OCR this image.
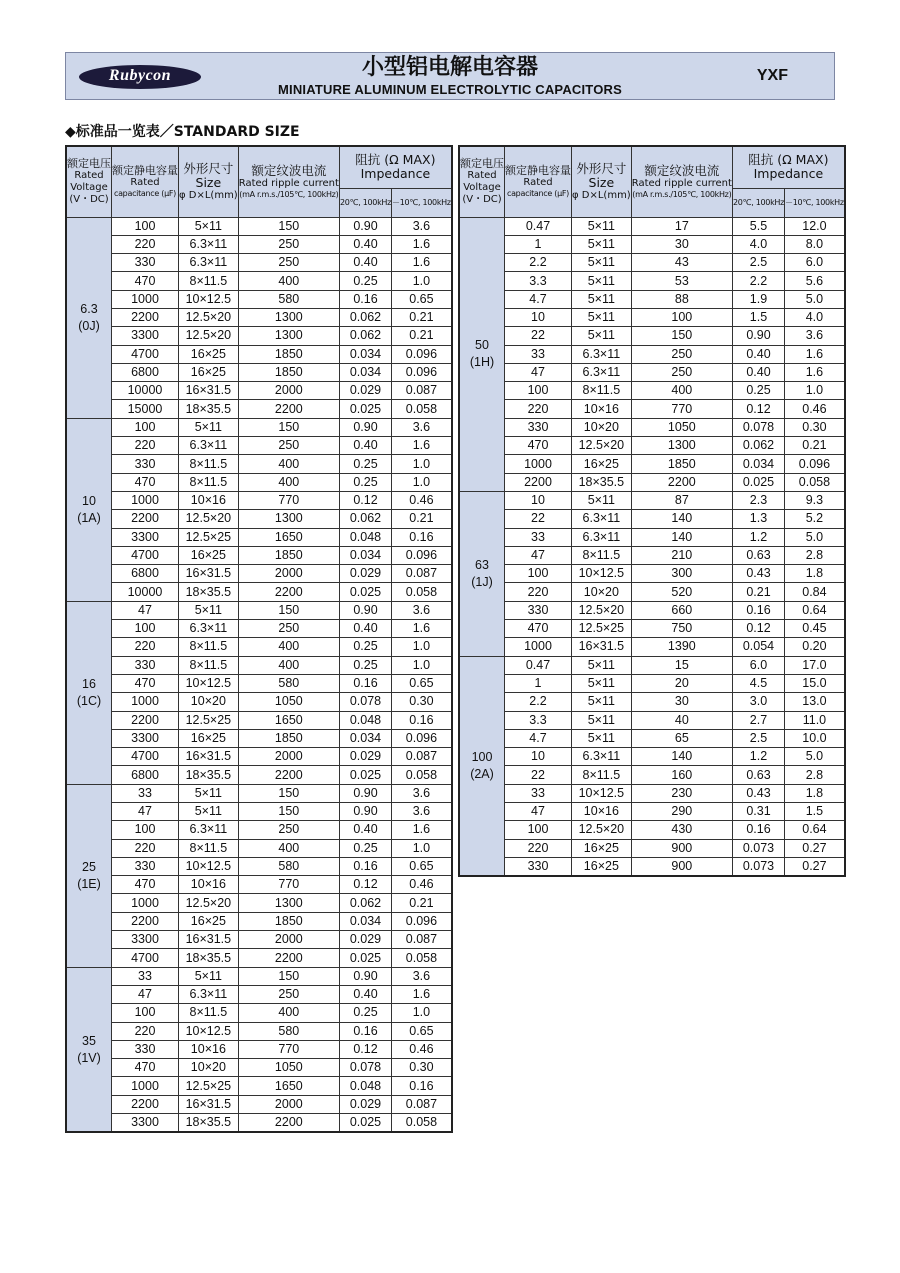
Rubycon	小型铝电解电容器
MINIATURE ALUMINUM ELECTROLYTIC CAPACITORS
YXF
◆标准品一览表／STANDARD SIZE
额定电压
Rated
Voltage
(V・DC)	额定静电容量
Rated
capacitance (μF)	外形尺寸
Size
φ D×L(mm)	额定纹波电流
Rated ripple current
(mA r.m.s./105℃, 100kHz)	阻抗 (Ω MAX)
Impedance	

				20℃, 100kHz	－10℃, 100kHz

6.3
(0J)	100	5×11	150	0.90	3.6
	220	6.3×11	250	0.40	1.6
	330	6.3×11	250	0.40	1.6
	470	8×11.5	400	0.25	1.0
	1000	10×12.5	580	0.16	0.65
	2200	12.5×20	1300	0.062	0.21
	3300	12.5×20	1300	0.062	0.21
	4700	16×25	1850	0.034	0.096
	6800	16×25	1850	0.034	0.096
	10000	16×31.5	2000	0.029	0.087
	15000	18×35.5	2200	0.025	0.058

10
(1A)	100	5×11	150	0.90	3.6
	220	6.3×11	250	0.40	1.6
	330	8×11.5	400	0.25	1.0
	470	8×11.5	400	0.25	1.0
	1000	10×16	770	0.12	0.46
	2200	12.5×20	1300	0.062	0.21
	3300	12.5×25	1650	0.048	0.16
	4700	16×25	1850	0.034	0.096
	6800	16×31.5	2000	0.029	0.087
	10000	18×35.5	2200	0.025	0.058

16
(1C)	47	5×11	150	0.90	3.6
	100	6.3×11	250	0.40	1.6
	220	8×11.5	400	0.25	1.0
	330	8×11.5	400	0.25	1.0
	470	10×12.5	580	0.16	0.65
	1000	10×20	1050	0.078	0.30
	2200	12.5×25	1650	0.048	0.16
	3300	16×25	1850	0.034	0.096
	4700	16×31.5	2000	0.029	0.087
	6800	18×35.5	2200	0.025	0.058

25
(1E)	33	5×11	150	0.90	3.6
	47	5×11	150	0.90	3.6
	100	6.3×11	250	0.40	1.6
	220	8×11.5	400	0.25	1.0
	330	10×12.5	580	0.16	0.65
	470	10×16	770	0.12	0.46
	1000	12.5×20	1300	0.062	0.21
	2200	16×25	1850	0.034	0.096
	3300	16×31.5	2000	0.029	0.087
	4700	18×35.5	2200	0.025	0.058

35
(1V)	33	5×11	150	0.90	3.6
	47	6.3×11	250	0.40	1.6
	100	8×11.5	400	0.25	1.0
	220	10×12.5	580	0.16	0.65
	330	10×16	770	0.12	0.46
	470	10×20	1050	0.078	0.30
	1000	12.5×25	1650	0.048	0.16
	2200	16×31.5	2000	0.029	0.087
	3300	18×35.5	2200	0.025	0.058
额定电压
Rated
Voltage
(V・DC)	额定静电容量
Rated
capacitance (μF)	外形尺寸
Size
φ D×L(mm)	额定纹波电流
Rated ripple current
(mA r.m.s./105℃, 100kHz)	阻抗 (Ω MAX)
Impedance	

				20℃, 100kHz	－10℃, 100kHz

50
(1H)	0.47	5×11	17	5.5	12.0
	1	5×11	30	4.0	8.0
	2.2	5×11	43	2.5	6.0
	3.3	5×11	53	2.2	5.6
	4.7	5×11	88	1.9	5.0
	10	5×11	100	1.5	4.0
	22	5×11	150	0.90	3.6
	33	6.3×11	250	0.40	1.6
	47	6.3×11	250	0.40	1.6
	100	8×11.5	400	0.25	1.0
	220	10×16	770	0.12	0.46
	330	10×20	1050	0.078	0.30
	470	12.5×20	1300	0.062	0.21
	1000	16×25	1850	0.034	0.096
	2200	18×35.5	2200	0.025	0.058

63
(1J)	10	5×11	87	2.3	9.3
	22	6.3×11	140	1.3	5.2
	33	6.3×11	140	1.2	5.0
	47	8×11.5	210	0.63	2.8
	100	10×12.5	300	0.43	1.8
	220	10×20	520	0.21	0.84
	330	12.5×20	660	0.16	0.64
	470	12.5×25	750	0.12	0.45
	1000	16×31.5	1390	0.054	0.20

100
(2A)	0.47	5×11	15	6.0	17.0
	1	5×11	20	4.5	15.0
	2.2	5×11	30	3.0	13.0
	3.3	5×11	40	2.7	11.0
	4.7	5×11	65	2.5	10.0
	10	6.3×11	140	1.2	5.0
	22	8×11.5	160	0.63	2.8
	33	10×12.5	230	0.43	1.8
	47	10×16	290	0.31	1.5
	100	12.5×20	430	0.16	0.64
	220	16×25	900	0.073	0.27
	330	16×25	900	0.073	0.27
